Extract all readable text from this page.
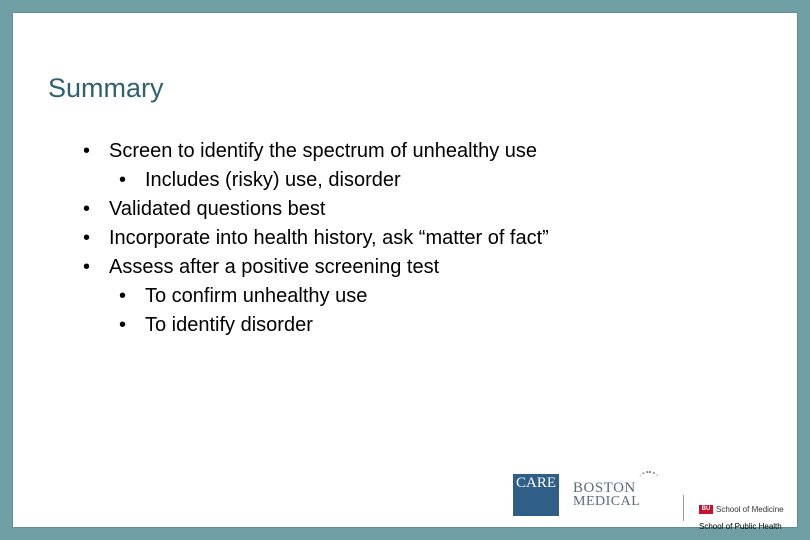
Summary
• Screen to identify the spectrum of unhealthy use
• Includes (risky) use, disorder
• Validated questions best
• Incorporate into health history, ask “matter of fact”
• Assess after a positive screening test
• To confirm unhealthy use
• To identify disorder
CARE BOSTON
MEDICAL	BU School of Medicine
School of Public Health
